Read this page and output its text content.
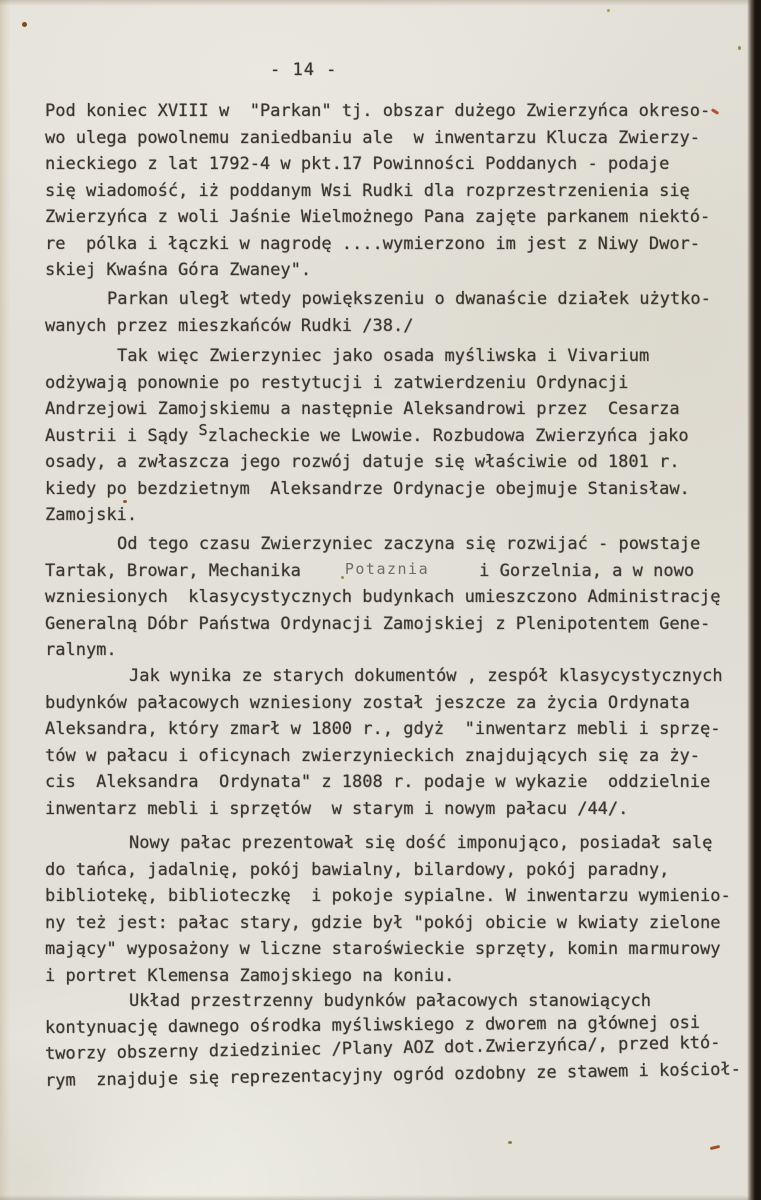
- 14 -
Pod koniec XVIII w  "Parkan" tj. obszar dużego Zwierzyńca okreso-
wo ulega powolnemu zaniedbaniu ale  w inwentarzu Klucza Zwierzy-
nieckiego z lat 1792-4 w pkt.17 Powinności Poddanych - podaje
się wiadomość, iż poddanym Wsi Rudki dla rozprzestrzenienia się
Zwierzyńca z woli Jaśnie Wielmożnego Pana zajęte parkanem niektó-
re  pólka i łączki w nagrodę ....wymierzono im jest z Niwy Dwor-
skiej Kwaśna Góra Zwaney".
Parkan uległ wtedy powiększeniu o dwanaście działek użytko-
wanych przez mieszkańców Rudki /38./
Tak więc Zwierzyniec jako osada myśliwska i Vivarium
odżywają ponownie po restytucji i zatwierdzeniu Ordynacji
Andrzejowi Zamojskiemu a następnie Aleksandrowi przez  Cesarza
Austrii i Sądy Szlacheckie we Lwowie. Rozbudowa Zwierzyńca jako
osady, a zwłaszcza jego rozwój datuje się właściwie od 1801 r.
kiedy po bezdzietnym  Aleksandrze Ordynacje obejmuje Stanisław.
Zamojski.
Od tego czasu Zwierzyniec zaczyna się rozwijać - powstaje
Tartak, Browar, Mechanika	Potaznia	i Gorzelnia, a w nowo
wzniesionych  klasycystycznych budynkach umieszczono Administrację
Generalną Dóbr Państwa Ordynacji Zamojskiej z Plenipotentem Gene-
ralnym.
Jak wynika ze starych dokumentów , zespół klasycystycznych
budynków pałacowych wzniesiony został jeszcze za życia Ordynata
Aleksandra, który zmarł w 1800 r., gdyż  "inwentarz mebli i sprzę-
tów w pałacu i oficynach zwierzynieckich znajdujących się za ży-
cis  Aleksandra  Ordynata" z 1808 r. podaje w wykazie  oddzielnie
inwentarz mebli i sprzętów  w starym i nowym pałacu /44/.
Nowy pałac prezentował się dość imponująco, posiadał salę
do tańca, jadalnię, pokój bawialny, bilardowy, pokój paradny,
bibliotekę, biblioteczkę  i pokoje sypialne. W inwentarzu wymienio-
ny też jest: pałac stary, gdzie był "pokój obicie w kwiaty zielone
mający" wyposażony w liczne staroświeckie sprzęty, komin marmurowy
i portret Klemensa Zamojskiego na koniu.
Układ przestrzenny budynków pałacowych stanowiących
kontynuację dawnego ośrodka myśliwskiego z dworem na głównej osi
tworzy obszerny dziedziniec /Plany AOZ dot.Zwierzyńca/, przed któ-
rym  znajduje się reprezentacyjny ogród ozdobny ze stawem i kościoł-
